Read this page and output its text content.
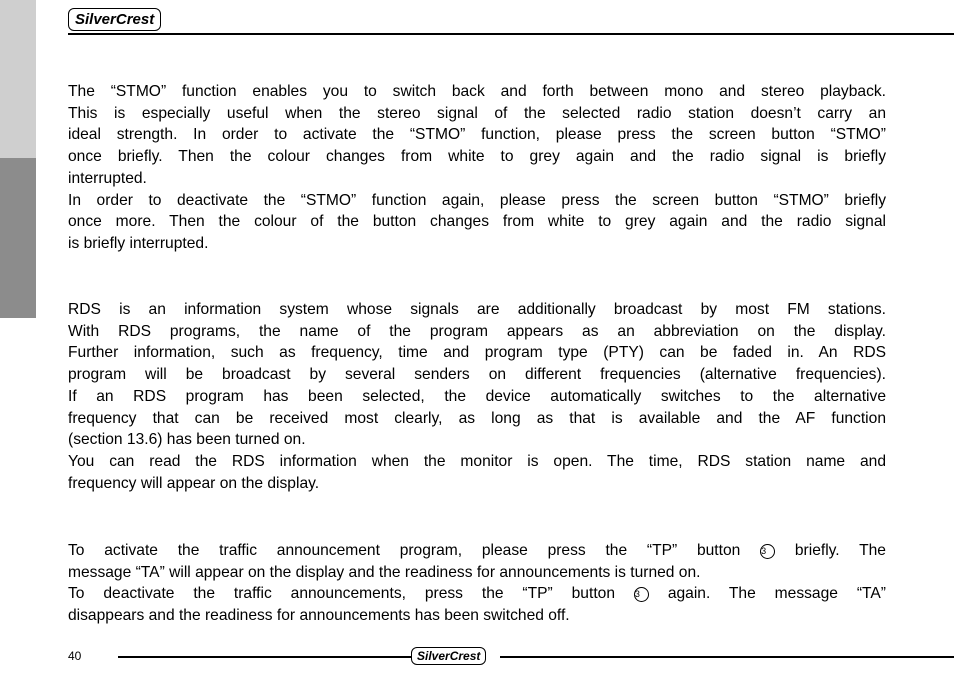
SilverCrest
The “STMO” function enables you to switch back and forth between mono and stereo playback.
This is especially useful when the stereo signal of the selected radio station doesn’t carry an
ideal strength. In order to activate the “STMO” function, please press the screen button “STMO”
once briefly. Then the colour changes from white to grey again and the radio signal is briefly
interrupted.
In order to deactivate the “STMO” function again, please press the screen button “STMO” briefly
once more. Then the colour of the button changes from white to grey again and the radio signal
is briefly interrupted.
RDS is an information system whose signals are additionally broadcast by most FM stations.
With RDS programs, the name of the program appears as an abbreviation on the display.
Further information, such as frequency, time and program type (PTY) can be faded in. An RDS
program will be broadcast by several senders on different frequencies (alternative frequencies).
If an RDS program has been selected, the device automatically switches to the alternative
frequency that can be received most clearly, as long as that is available and the AF function
(section 13.6) has been turned on.
You can read the RDS information when the monitor is open. The time, RDS station name and
frequency will appear on the display.
To activate the traffic announcement program, please press the “TP” button 3 briefly. The
message “TA” will appear on the display and the readiness for announcements is turned on.
To deactivate the traffic announcements, press the “TP” button 3 again. The message “TA”
disappears and the readiness for announcements has been switched off.
40	SilverCrest
